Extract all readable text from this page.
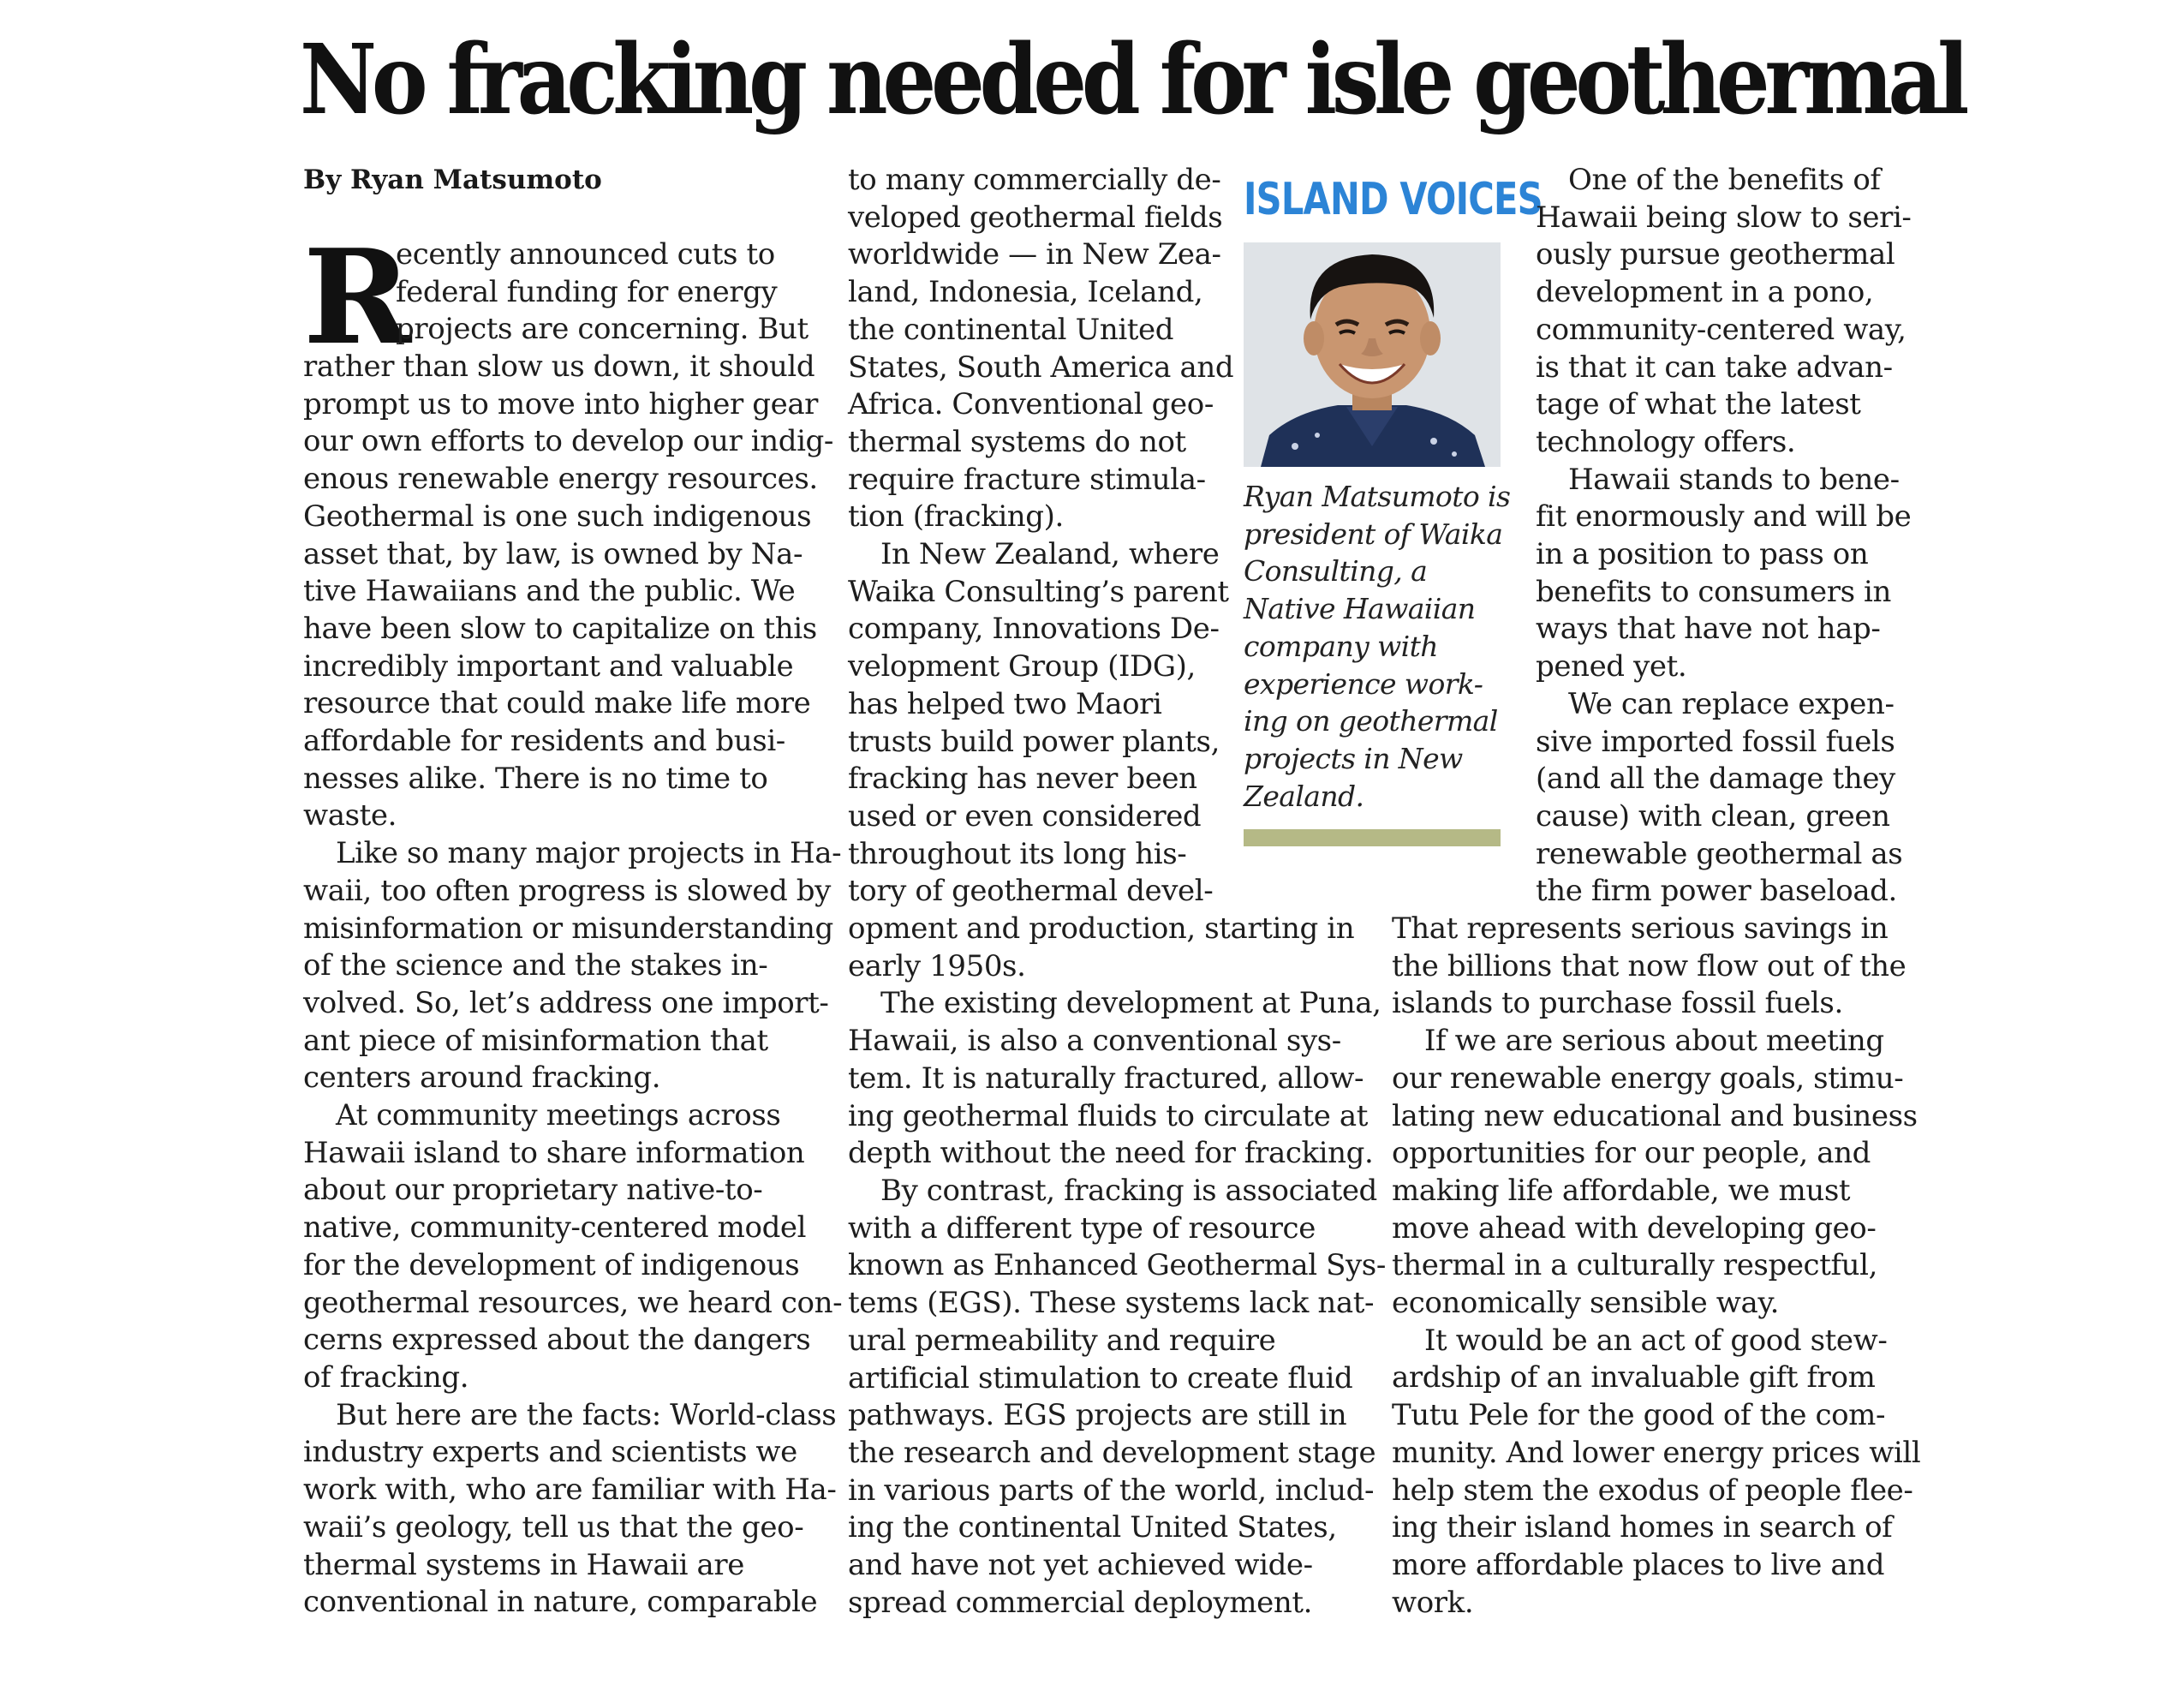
No fracking needed for isle geothermal
By Ryan Matsumoto
R
ecently announced cuts to
federal funding for energy
projects are concerning. But
rather than slow us down, it should
prompt us to move into higher gear
our own efforts to develop our indig-
enous renewable energy resources.
Geothermal is one such indigenous
asset that, by law, is owned by Na-
tive Hawaiians and the public. We
have been slow to capitalize on this
incredibly important and valuable
resource that could make life more
affordable for residents and busi-
nesses alike. There is no time to
waste.
Like so many major projects in Ha-
waii, too often progress is slowed by
misinformation or misunderstanding
of the science and the stakes in-
volved. So, let’s address one import-
ant piece of misinformation that
centers around fracking.
At community meetings across
Hawaii island to share information
about our proprietary native-to-
native, community-centered model
for the development of indigenous
geothermal resources, we heard con-
cerns expressed about the dangers
of fracking.
But here are the facts: World-class
industry experts and scientists we
work with, who are familiar with Ha-
waii’s geology, tell us that the geo-
thermal systems in Hawaii are
conventional in nature, comparable
to many commercially de-
veloped geothermal fields
worldwide — in New Zea-
land, Indonesia, Iceland,
the continental United
States, South America and
Africa. Conventional geo-
thermal systems do not
require fracture stimula-
tion (fracking).
In New Zealand, where
Waika Consulting’s parent
company, Innovations De-
velopment Group (IDG),
has helped two Maori
trusts build power plants,
fracking has never been
used or even considered
throughout its long his-
tory of geothermal devel-
opment and production, starting in
early 1950s.
The existing development at Puna,
Hawaii, is also a conventional sys-
tem. It is naturally fractured, allow-
ing geothermal fluids to circulate at
depth without the need for fracking.
By contrast, fracking is associated
with a different type of resource
known as Enhanced Geothermal Sys-
tems (EGS). These systems lack nat-
ural permeability and require
artificial stimulation to create fluid
pathways. EGS projects are still in
the research and development stage
in various parts of the world, includ-
ing the continental United States,
and have not yet achieved wide-
spread commercial deployment.
ISLAND VOICES
Ryan Matsumoto is
president of Waika
Consulting, a
Native Hawaiian
company with
experience work-
ing on geothermal
projects in New
Zealand.
One of the benefits of
Hawaii being slow to seri-
ously pursue geothermal
development in a pono,
community-centered way,
is that it can take advan-
tage of what the latest
technology offers.
Hawaii stands to bene-
fit enormously and will be
in a position to pass on
benefits to consumers in
ways that have not hap-
pened yet.
We can replace expen-
sive imported fossil fuels
(and all the damage they
cause) with clean, green
renewable geothermal as
the firm power baseload.
That represents serious savings in
the billions that now flow out of the
islands to purchase fossil fuels.
If we are serious about meeting
our renewable energy goals, stimu-
lating new educational and business
opportunities for our people, and
making life affordable, we must
move ahead with developing geo-
thermal in a culturally respectful,
economically sensible way.
It would be an act of good stew-
ardship of an invaluable gift from
Tutu Pele for the good of the com-
munity. And lower energy prices will
help stem the exodus of people flee-
ing their island homes in search of
more affordable places to live and
work.
